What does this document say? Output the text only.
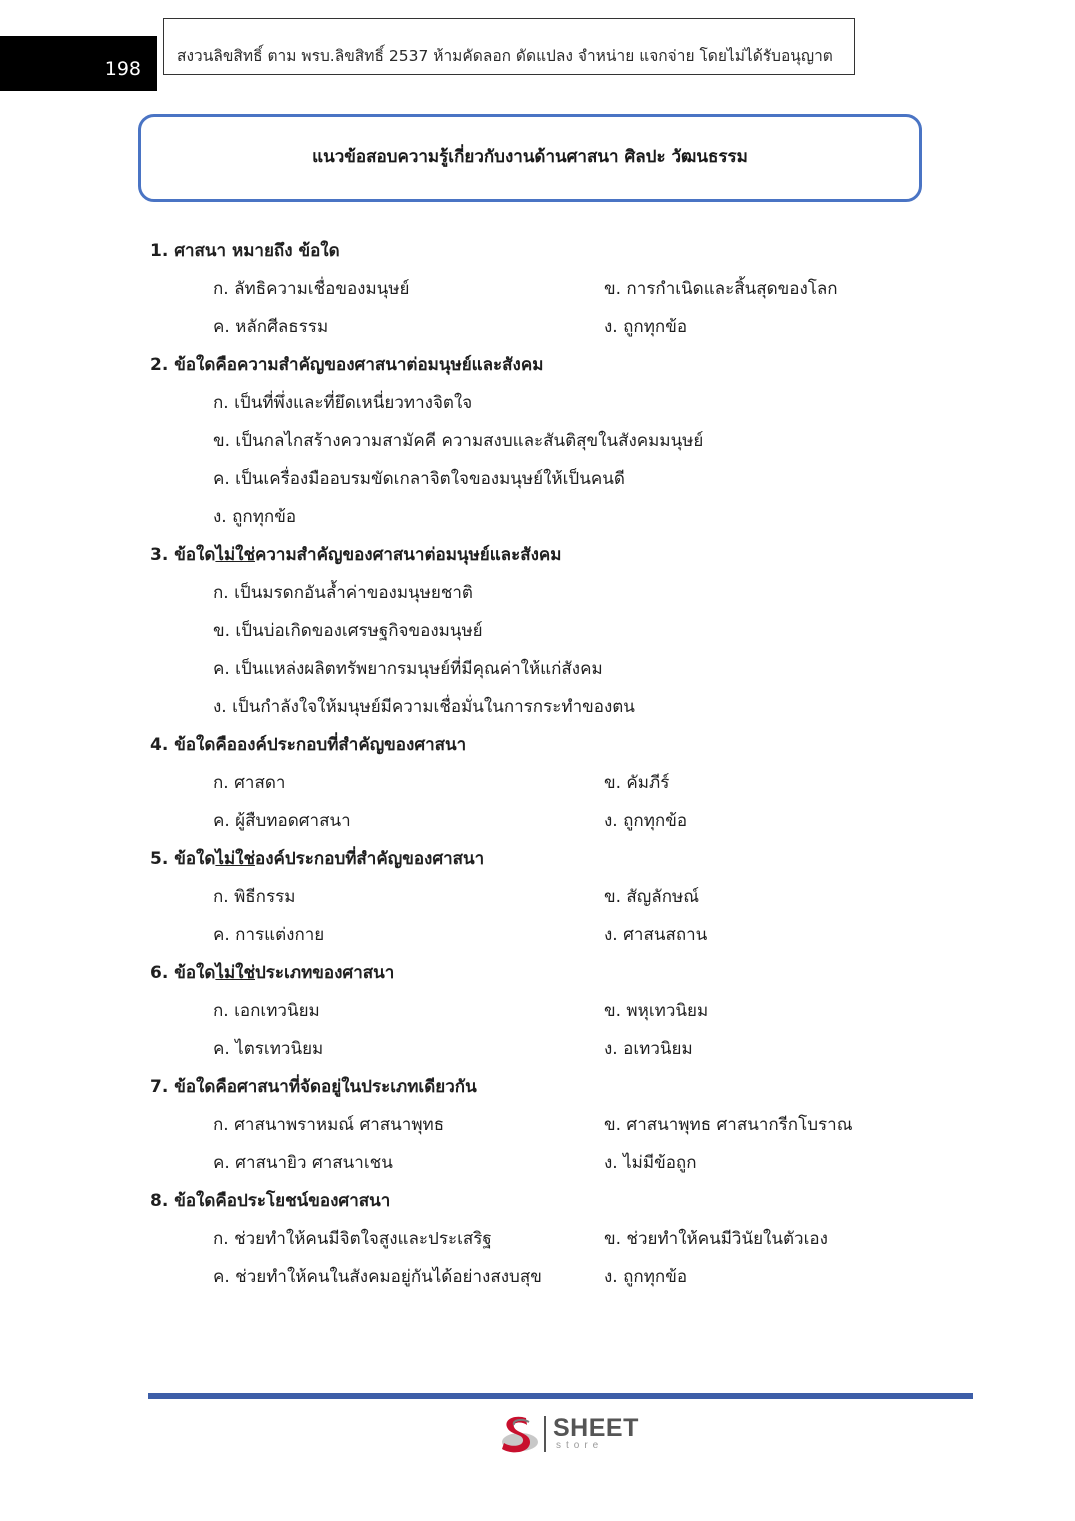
198
สงวนลิขสิทธิ์ ตาม พรบ.ลิขสิทธิ์ 2537 ห้ามคัดลอก ดัดแปลง จำหน่าย แจกจ่าย โดยไม่ได้รับอนุญาต
แนวข้อสอบความรู้เกี่ยวกับงานด้านศาสนา ศิลปะ วัฒนธรรม
1. ศาสนา หมายถึง ข้อใด
ก. ลัทธิความเชื่อของมนุษย์	ข. การกำเนิดและสิ้นสุดของโลก
ค. หลักศีลธรรม	ง. ถูกทุกข้อ
2. ข้อใดคือความสำคัญของศาสนาต่อมนุษย์และสังคม
ก. เป็นที่พึ่งและที่ยึดเหนี่ยวทางจิตใจ
ข. เป็นกลไกสร้างความสามัคคี ความสงบและสันติสุขในสังคมมนุษย์
ค. เป็นเครื่องมืออบรมขัดเกลาจิตใจของมนุษย์ให้เป็นคนดี
ง. ถูกทุกข้อ
3. ข้อใดไม่ใช่ความสำคัญของศาสนาต่อมนุษย์และสังคม
ก. เป็นมรดกอันล้ำค่าของมนุษยชาติ
ข. เป็นบ่อเกิดของเศรษฐกิจของมนุษย์
ค. เป็นแหล่งผลิตทรัพยากรมนุษย์ที่มีคุณค่าให้แก่สังคม
ง. เป็นกำลังใจให้มนุษย์มีความเชื่อมั่นในการกระทำของตน
4. ข้อใดคือองค์ประกอบที่สำคัญของศาสนา
ก. ศาสดา	ข. คัมภีร์
ค. ผู้สืบทอดศาสนา	ง. ถูกทุกข้อ
5. ข้อใดไม่ใช่องค์ประกอบที่สำคัญของศาสนา
ก. พิธีกรรม	ข. สัญลักษณ์
ค. การแต่งกาย	ง. ศาสนสถาน
6. ข้อใดไม่ใช่ประเภทของศาสนา
ก. เอกเทวนิยม	ข. พหุเทวนิยม
ค. ไตรเทวนิยม	ง. อเทวนิยม
7. ข้อใดคือศาสนาที่จัดอยู่ในประเภทเดียวกัน
ก. ศาสนาพราหมณ์ ศาสนาพุทธ	ข. ศาสนาพุทธ ศาสนากรีกโบราณ
ค. ศาสนายิว ศาสนาเชน	ง. ไม่มีข้อถูก
8. ข้อใดคือประโยชน์ของศาสนา
ก. ช่วยทำให้คนมีจิตใจสูงและประเสริฐ	ข. ช่วยทำให้คนมีวินัยในตัวเอง
ค. ช่วยทำให้คนในสังคมอยู่กันได้อย่างสงบสุข	ง. ถูกทุกข้อ
SHEET
store
